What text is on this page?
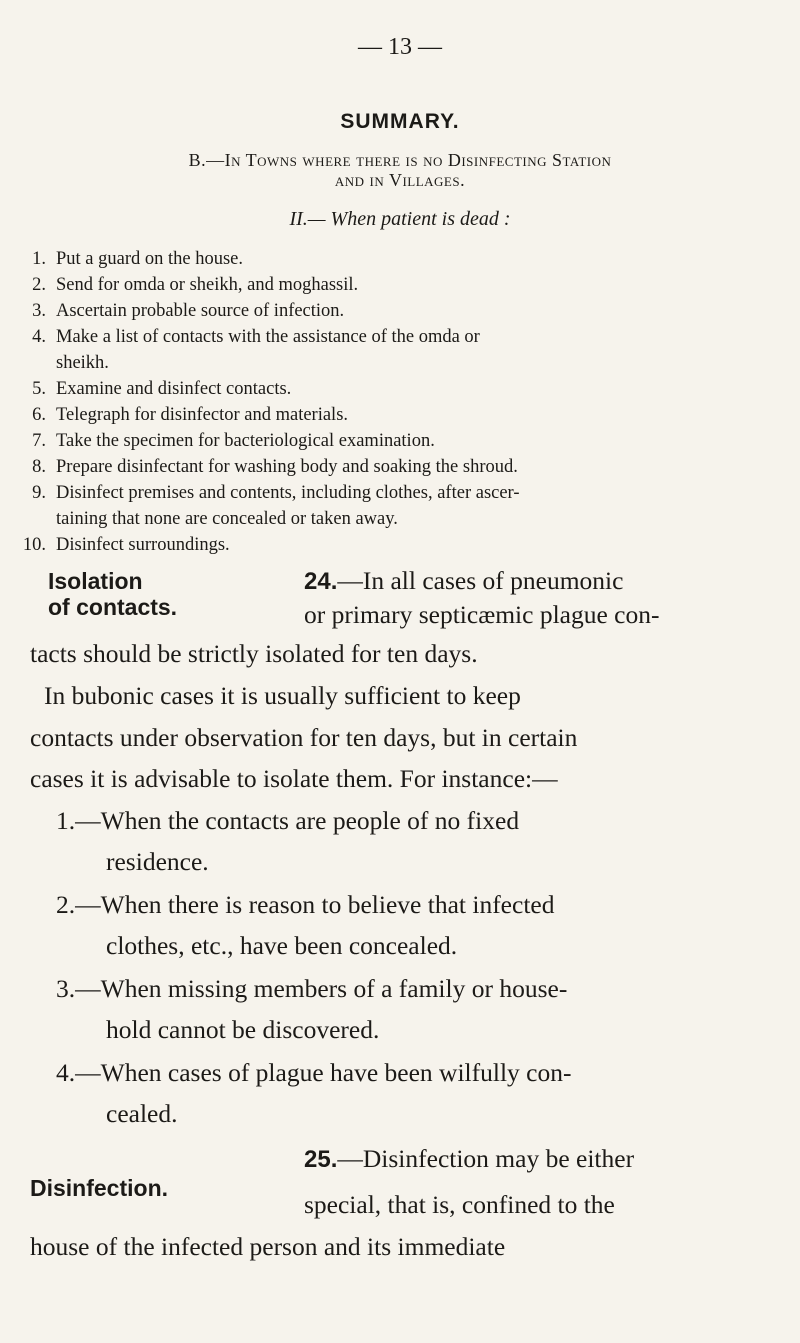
— 13 —
SUMMARY.
B.—In Towns where there is no Disinfecting Station
and in Villages.
II.— When patient is dead :
1. Put a guard on the house.
2. Send for omda or sheikh, and moghassil.
3. Ascertain probable source of infection.
4. Make a list of contacts with the assistance of the omda or
sheikh.
5. Examine and disinfect contacts.
6. Telegraph for disinfector and materials.
7. Take the specimen for bacteriological examination.
8. Prepare disinfectant for washing body and soaking the shroud.
9. Disinfect premises and contents, including clothes, after ascer-
taining that none are concealed or taken away.
10. Disinfect surroundings.
Isolation
of contacts.
24.—In all cases of pneumonic
or primary septicæmic plague con-
tacts should be strictly isolated for ten days.
In bubonic cases it is usually sufficient to keep
contacts under observation for ten days, but in certain
cases it is advisable to isolate them. For instance:—
1.—When the contacts are people of no fixed
residence.
2.—When there is reason to believe that infected
clothes, etc., have been concealed.
3.—When missing members of a family or house-
hold cannot be discovered.
4.—When cases of plague have been wilfully con-
cealed.
Disinfection.
25.—Disinfection may be either
special, that is, confined to the
house of the infected person and its immediate
